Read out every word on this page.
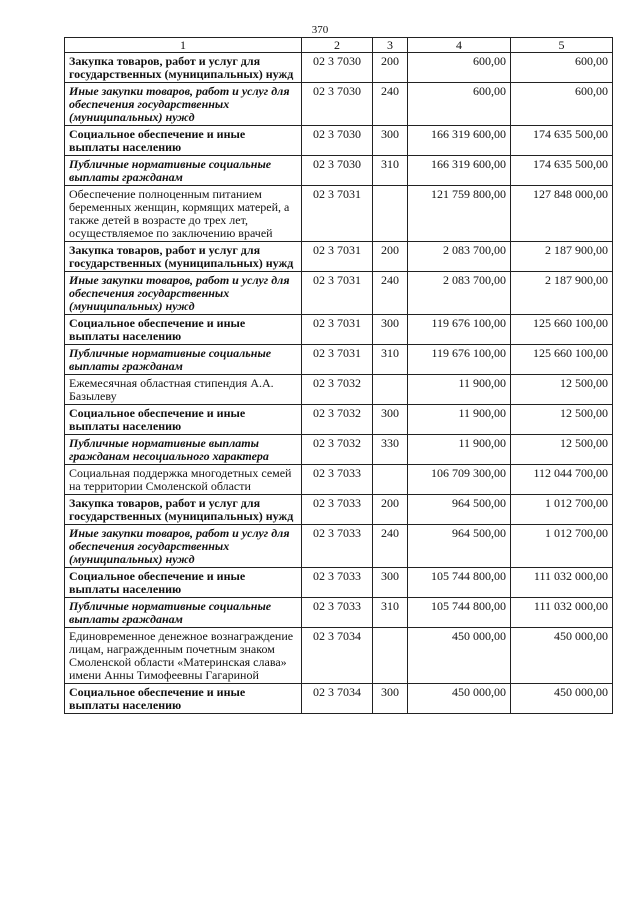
370
1	2	3	4	5
Закупка товаров, работ и услуг для государственных (муниципальных) нужд	02 3 7030	200	600,00	600,00
Иные закупки товаров, работ и услуг для обеспечения государственных (муниципальных) нужд	02 3 7030	240	600,00	600,00
Социальное обеспечение и иные выплаты населению	02 3 7030	300	166 319 600,00	174 635 500,00
Публичные нормативные социальные выплаты гражданам	02 3 7030	310	166 319 600,00	174 635 500,00
Обеспечение полноценным питанием беременных женщин, кормящих матерей, а также детей в возрасте до трех лет, осуществляемое по заключению врачей	02 3 7031		121 759 800,00	127 848 000,00
Закупка товаров, работ и услуг для государственных (муниципальных) нужд	02 3 7031	200	2 083 700,00	2 187 900,00
Иные закупки товаров, работ и услуг для обеспечения государственных (муниципальных) нужд	02 3 7031	240	2 083 700,00	2 187 900,00
Социальное обеспечение и иные выплаты населению	02 3 7031	300	119 676 100,00	125 660 100,00
Публичные нормативные социальные выплаты гражданам	02 3 7031	310	119 676 100,00	125 660 100,00
Ежемесячная областная стипендия А.А. Базылеву	02 3 7032		11 900,00	12 500,00
Социальное обеспечение и иные выплаты населению	02 3 7032	300	11 900,00	12 500,00
Публичные нормативные выплаты гражданам несоциального характера	02 3 7032	330	11 900,00	12 500,00
Социальная поддержка многодетных семей на территории Смоленской области	02 3 7033		106 709 300,00	112 044 700,00
Закупка товаров, работ и услуг для государственных (муниципальных) нужд	02 3 7033	200	964 500,00	1 012 700,00
Иные закупки товаров, работ и услуг для обеспечения государственных (муниципальных) нужд	02 3 7033	240	964 500,00	1 012 700,00
Социальное обеспечение и иные выплаты населению	02 3 7033	300	105 744 800,00	111 032 000,00
Публичные нормативные социальные выплаты гражданам	02 3 7033	310	105 744 800,00	111 032 000,00
Единовременное денежное вознаграждение лицам, награжденным почетным знаком Смоленской области «Материнская слава» имени Анны Тимофеевны Гагариной	02 3 7034		450 000,00	450 000,00
Социальное обеспечение и иные выплаты населению	02 3 7034	300	450 000,00	450 000,00
